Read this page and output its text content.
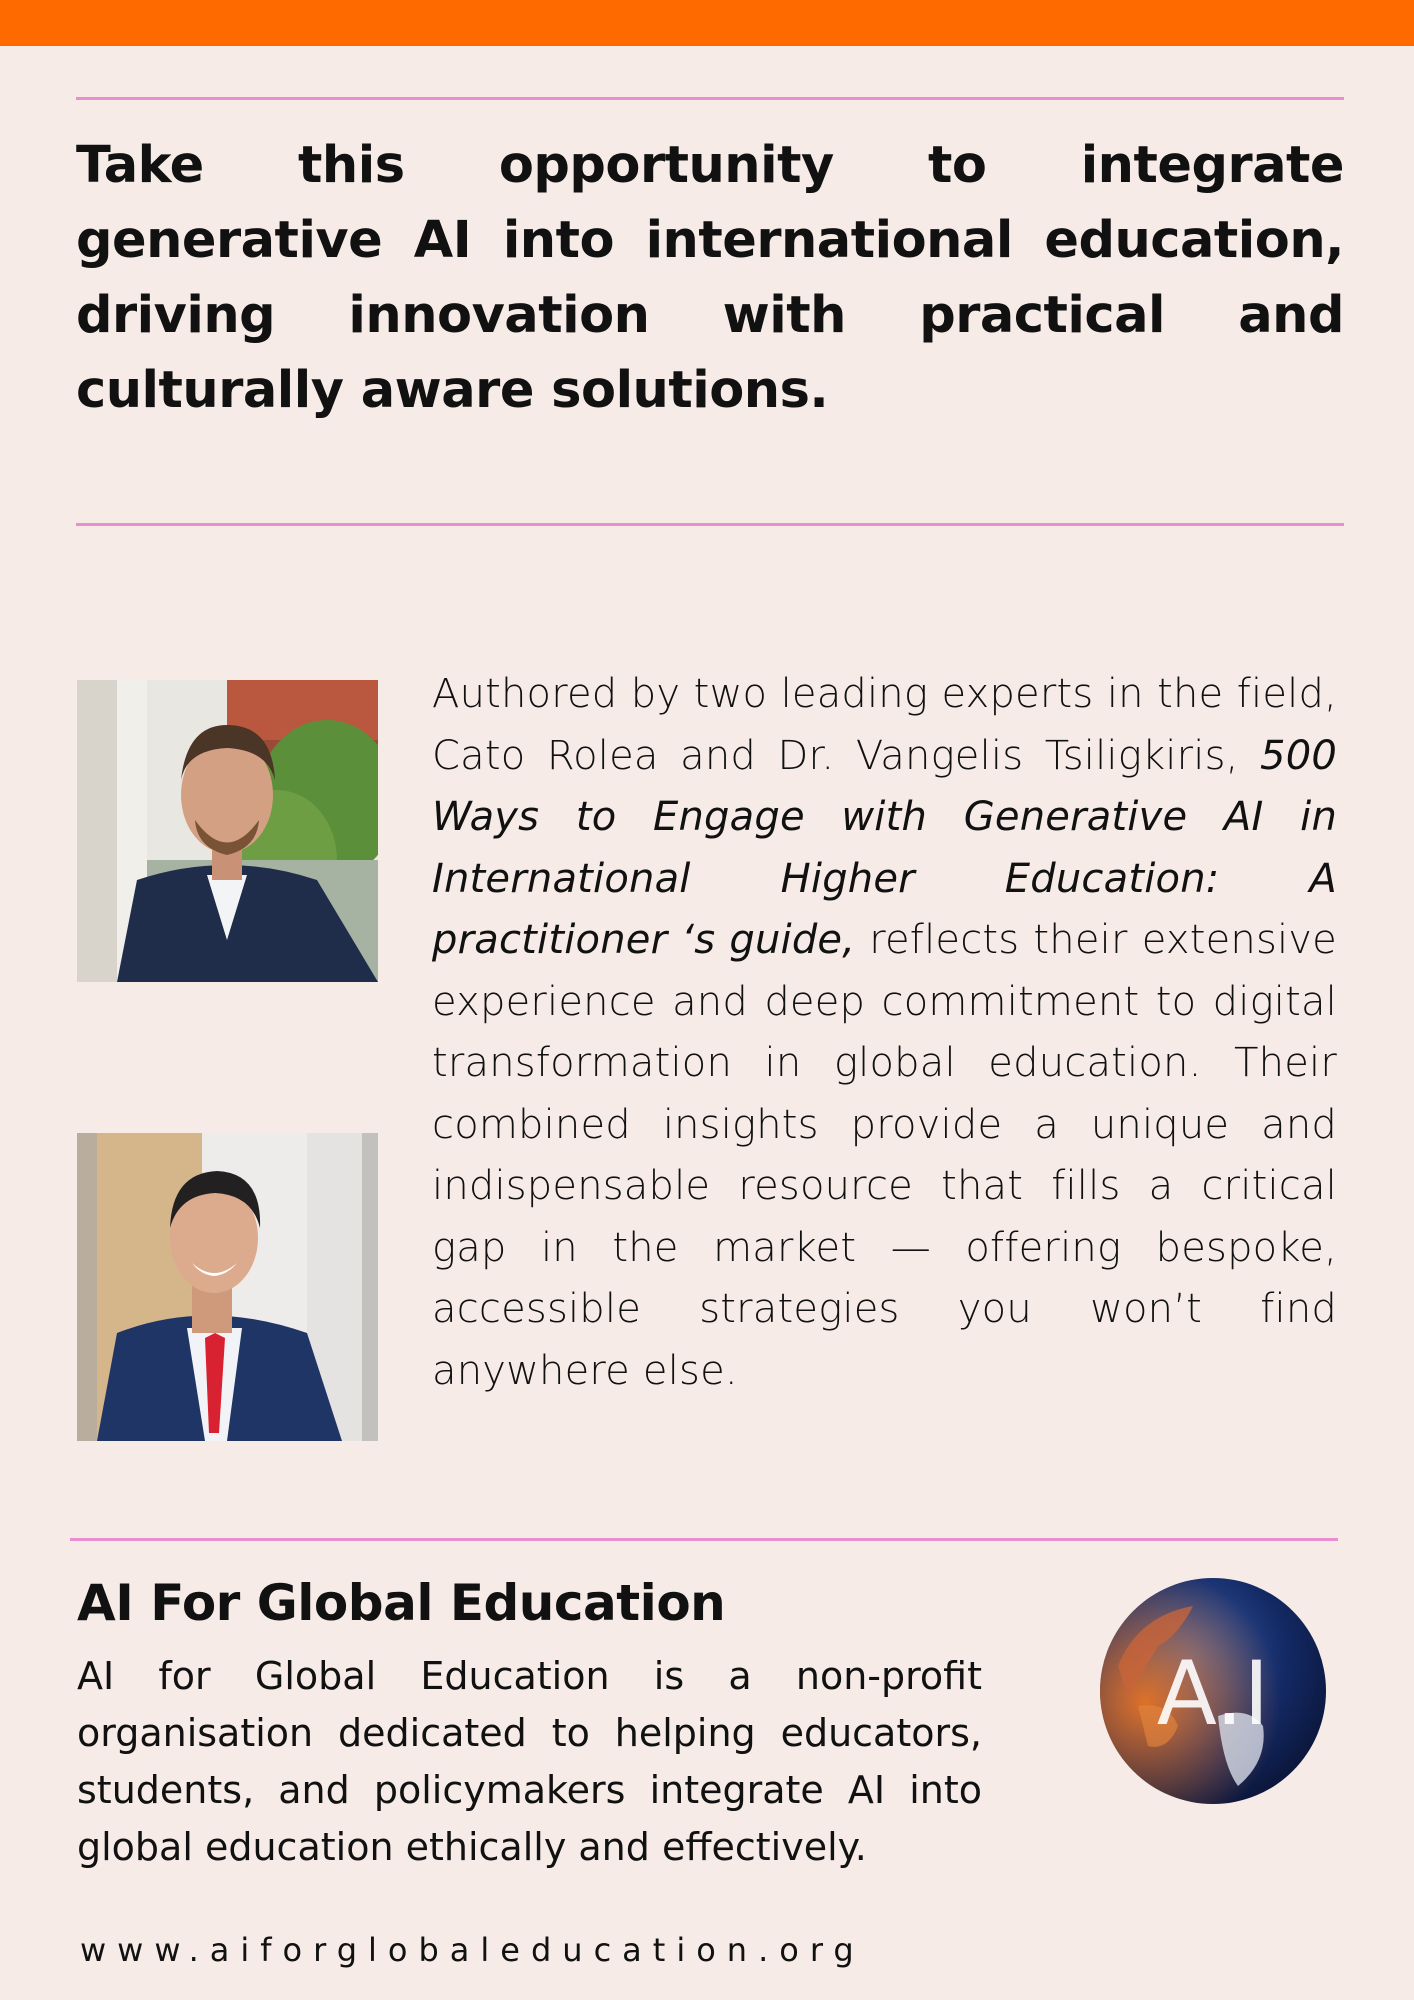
Take this opportunity to integrate generative AI into international education, driving innovation with practical and culturally aware solutions.

Authored by two leading experts in the field, Cato Rolea and Dr. Vangelis Tsiligkiris, 500 Ways to Engage with Generative AI in International Higher Education: A practitioner ‘s guide, reflects their extensive experience and deep commitment to digital transformation in global education. Their combined insights provide a unique and indispensable resource that fills a critical gap in the market — offering bespoke, accessible strategies you won’t find anywhere else.

AI For Global Education

AI for Global Education is a non-profit organisation dedicated to helping educators, students, and policymakers integrate AI into global education ethically and effectively.

A.I

www.aiforglobaleducation.org
